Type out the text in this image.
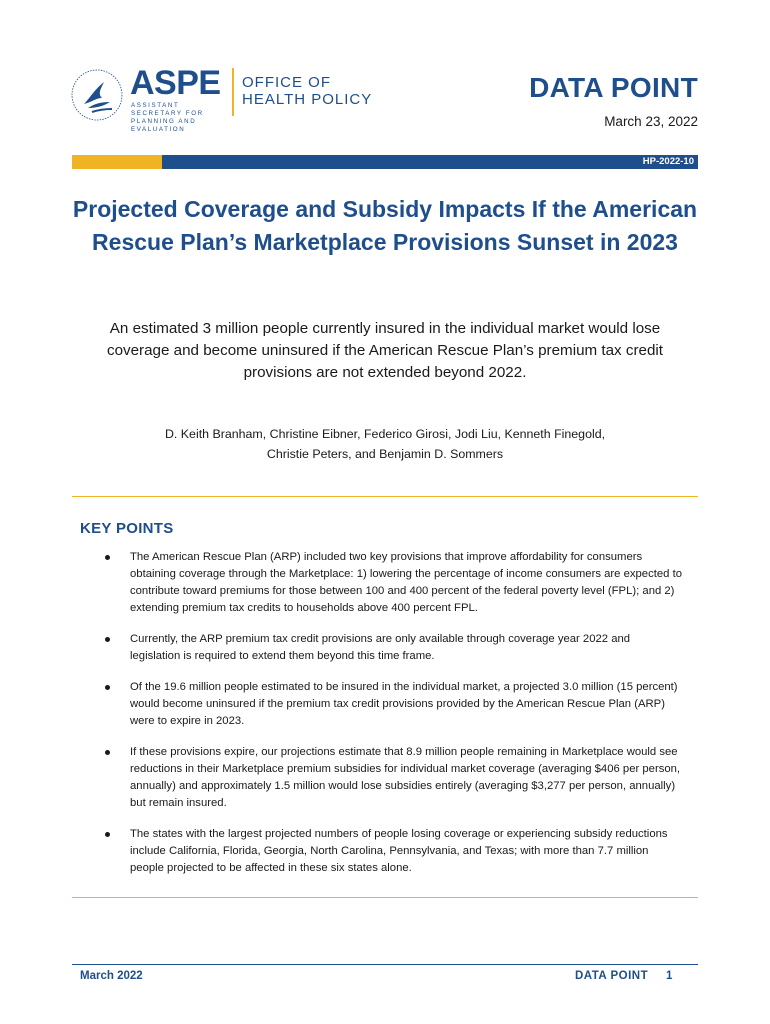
ASPE
ASSISTANT SECRETARY FOR PLANNING AND EVALUATION
OFFICE OF
HEALTH POLICY	DATA POINT
March 23, 2022
HP-2022-10
Projected Coverage and Subsidy Impacts If the American Rescue Plan’s Marketplace Provisions Sunset in 2023
An estimated 3 million people currently insured in the individual market would lose coverage and become uninsured if the American Rescue Plan’s premium tax credit provisions are not extended beyond 2022.
D. Keith Branham, Christine Eibner, Federico Girosi, Jodi Liu, Kenneth Finegold,
Christie Peters, and Benjamin D. Sommers
KEY POINTS
The American Rescue Plan (ARP) included two key provisions that improve affordability for consumers obtaining coverage through the Marketplace: 1) lowering the percentage of income consumers are expected to contribute toward premiums for those between 100 and 400 percent of the federal poverty level (FPL); and 2) extending premium tax credits to households above 400 percent FPL.
Currently, the ARP premium tax credit provisions are only available through coverage year 2022 and legislation is required to extend them beyond this time frame.
Of the 19.6 million people estimated to be insured in the individual market, a projected 3.0 million (15 percent) would become uninsured if the premium tax credit provisions provided by the American Rescue Plan (ARP) were to expire in 2023.
If these provisions expire, our projections estimate that 8.9 million people remaining in Marketplace would see reductions in their Marketplace premium subsidies for individual market coverage (averaging $406 per person, annually) and approximately 1.5 million would lose subsidies entirely (averaging $3,277 per person, annually) but remain insured.
The states with the largest projected numbers of people losing coverage or experiencing subsidy reductions include California, Florida, Georgia, North Carolina, Pennsylvania, and Texas; with more than 7.7 million people projected to be affected in these six states alone.
March 2022	DATA POINT 1
